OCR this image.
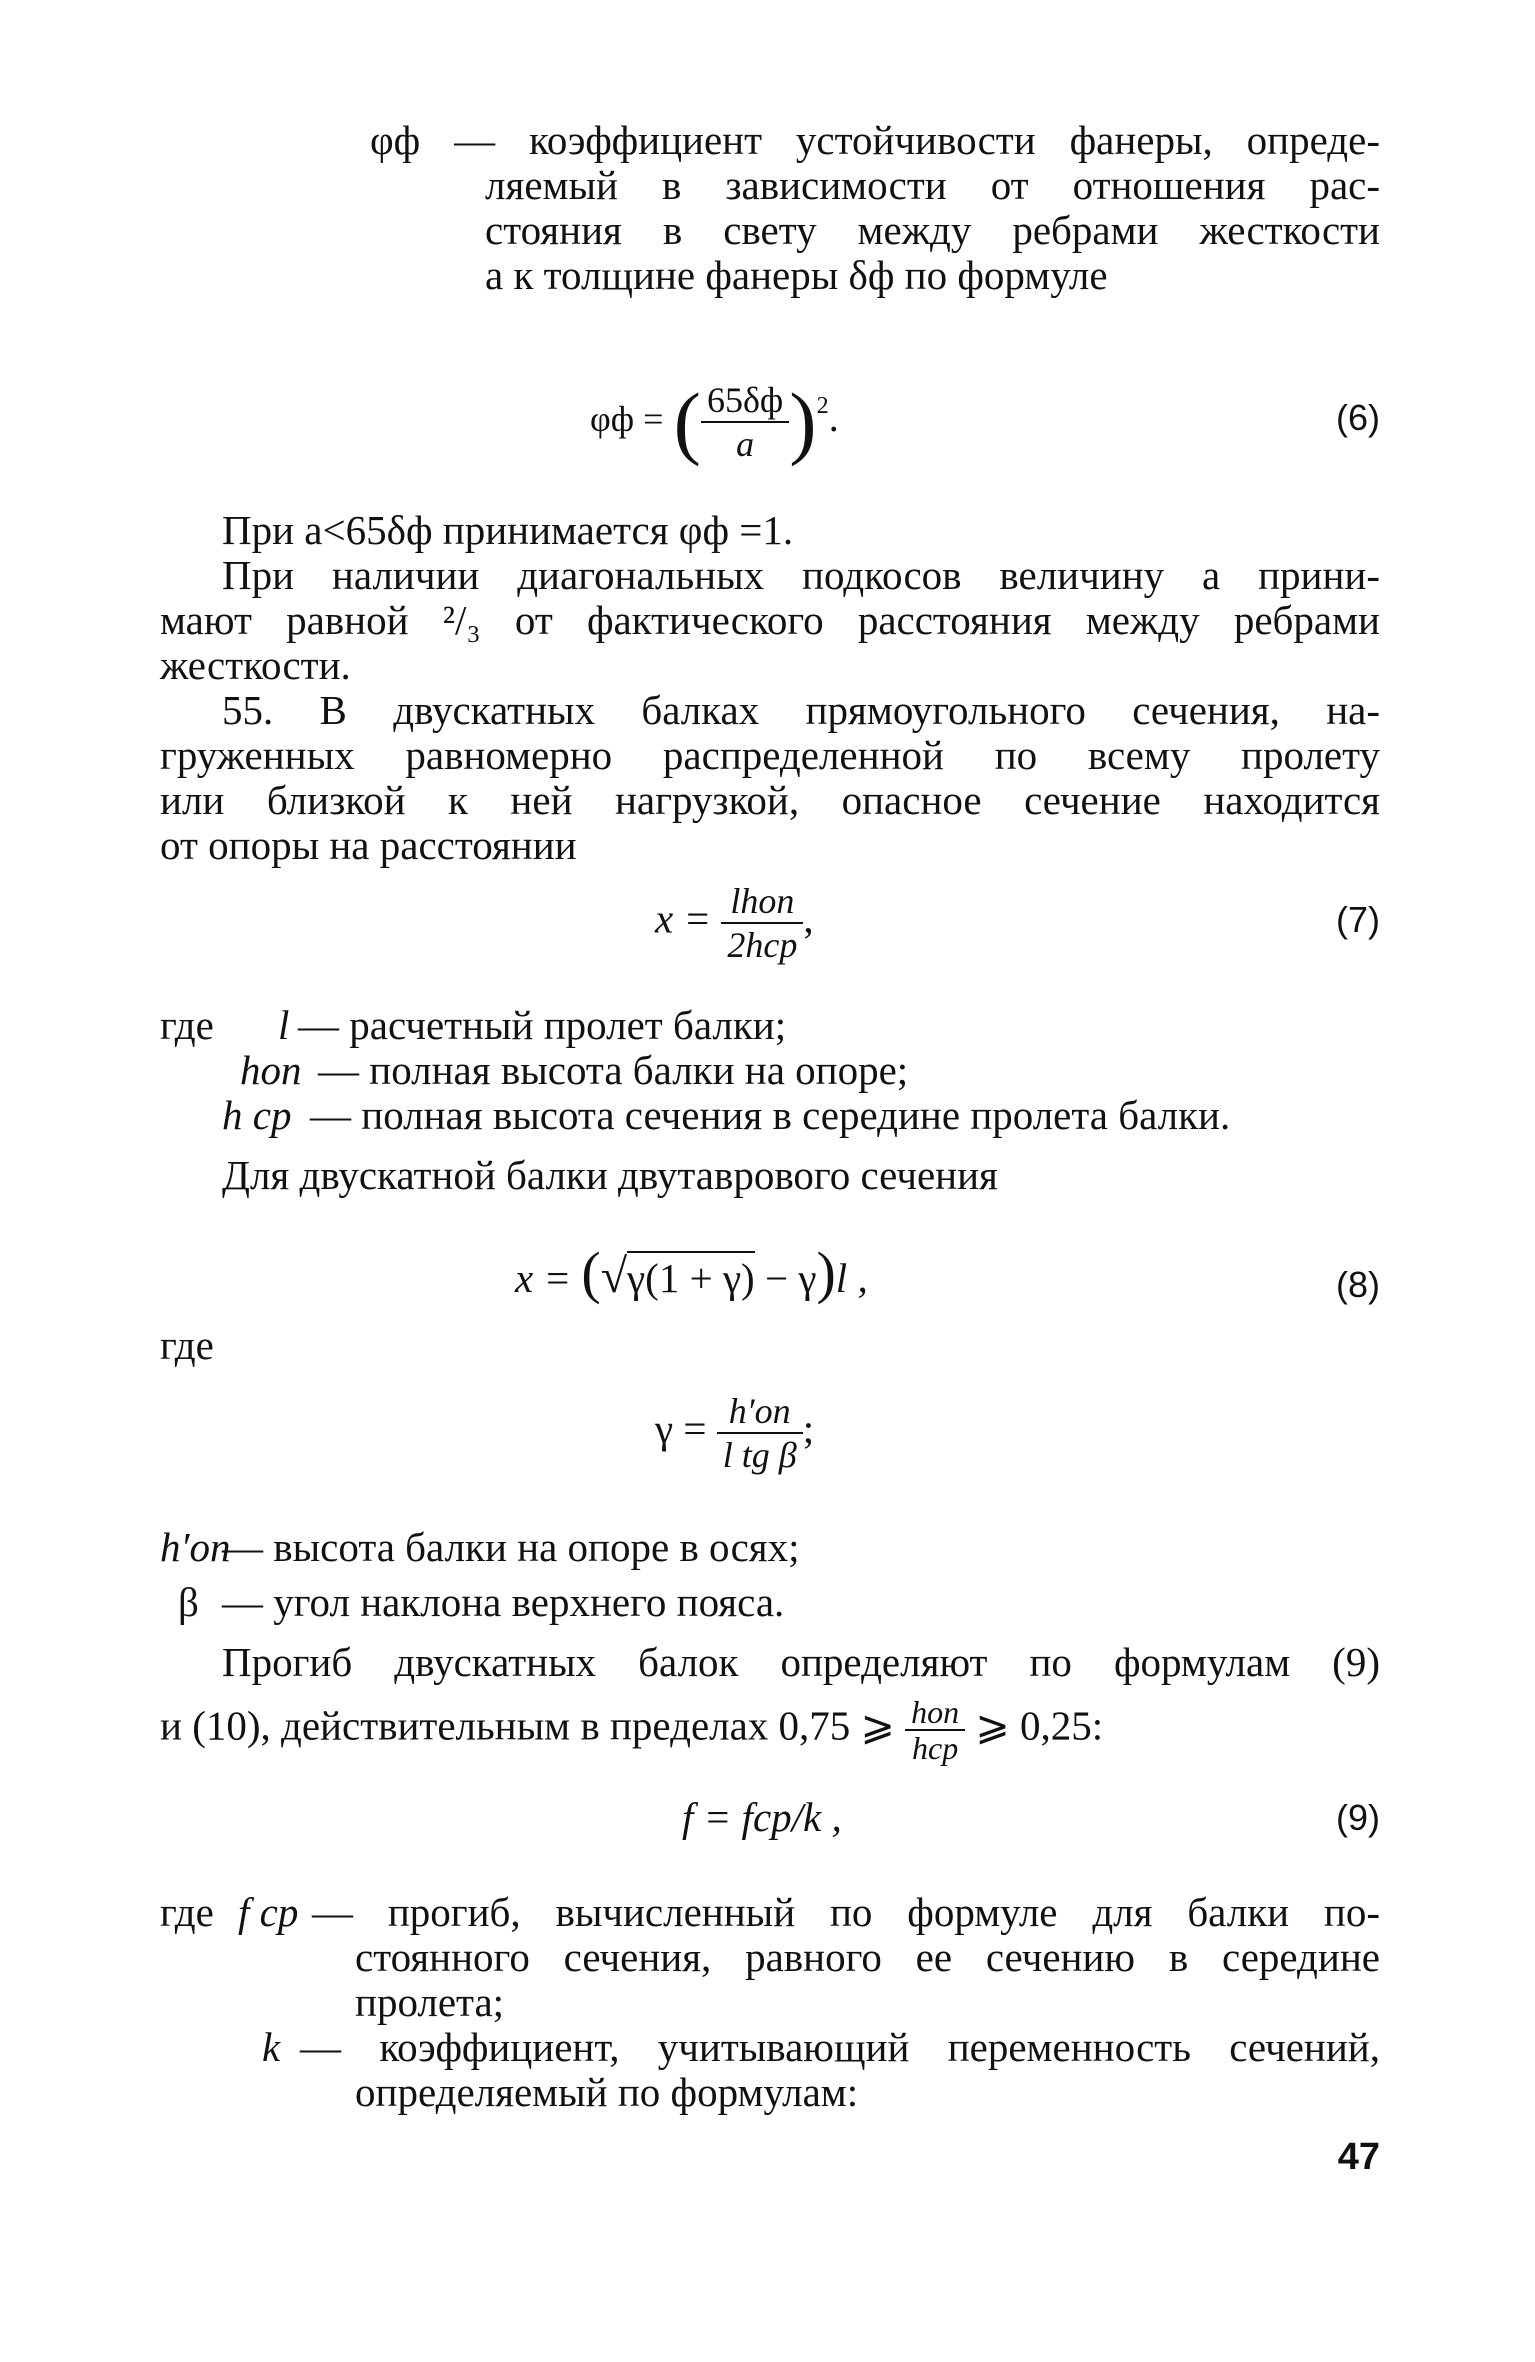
φф — коэффициент устойчивости фанеры, опреде-
ляемый в зависимости от отношения рас-
стояния в свету между ребрами жесткости
a к толщине фанеры δф по формуле
φф = ( $\frac{65\delta ф}{a} )^2$.	(6)
При a<65δф принимается φф =1.
При наличии диагональных подкосов величину a прини-
мают равной ²/₃ от фактического расстояния между ребрами
жесткости.
55. В двускатных балках прямоугольного сечения, на-
груженных равномерно распределенной по всему пролету
или близкой к ней нагрузкой, опасное сечение находится
от опоры на расстоянии
$x = \frac{\text{lhоп}}{\text{2hср}}$ ,	(7)
где l — расчетный пролет балки;
hоп — полная высота балки на опоре;
h ср — полная высота сечения в середине пролета балки.
Для двускатной балки двутаврового сечения
x = (√γ(1 + γ) − γ)l ,	(8)
где
$\gamma = \frac{h'оп}{\text{l tg β}}$ ;
h′оп
— высота балки на опоре в осях;
β — угол наклона верхнего пояса.
Прогиб двускатных балок определяют по формулам (9)
и (10), действительным в пределах 0,75 ⩾ $\frac{\text{hоп}}{\text{hср}}$ ⩾ 0,25:
f = fср/k ,	(9)
где f ср — прогиб, вычисленный по формуле для балки по-
стоянного сечения, равного ее сечению в середине
пролета;
k — коэффициент, учитывающий переменность сечений,
определяемый по формулам:
47
